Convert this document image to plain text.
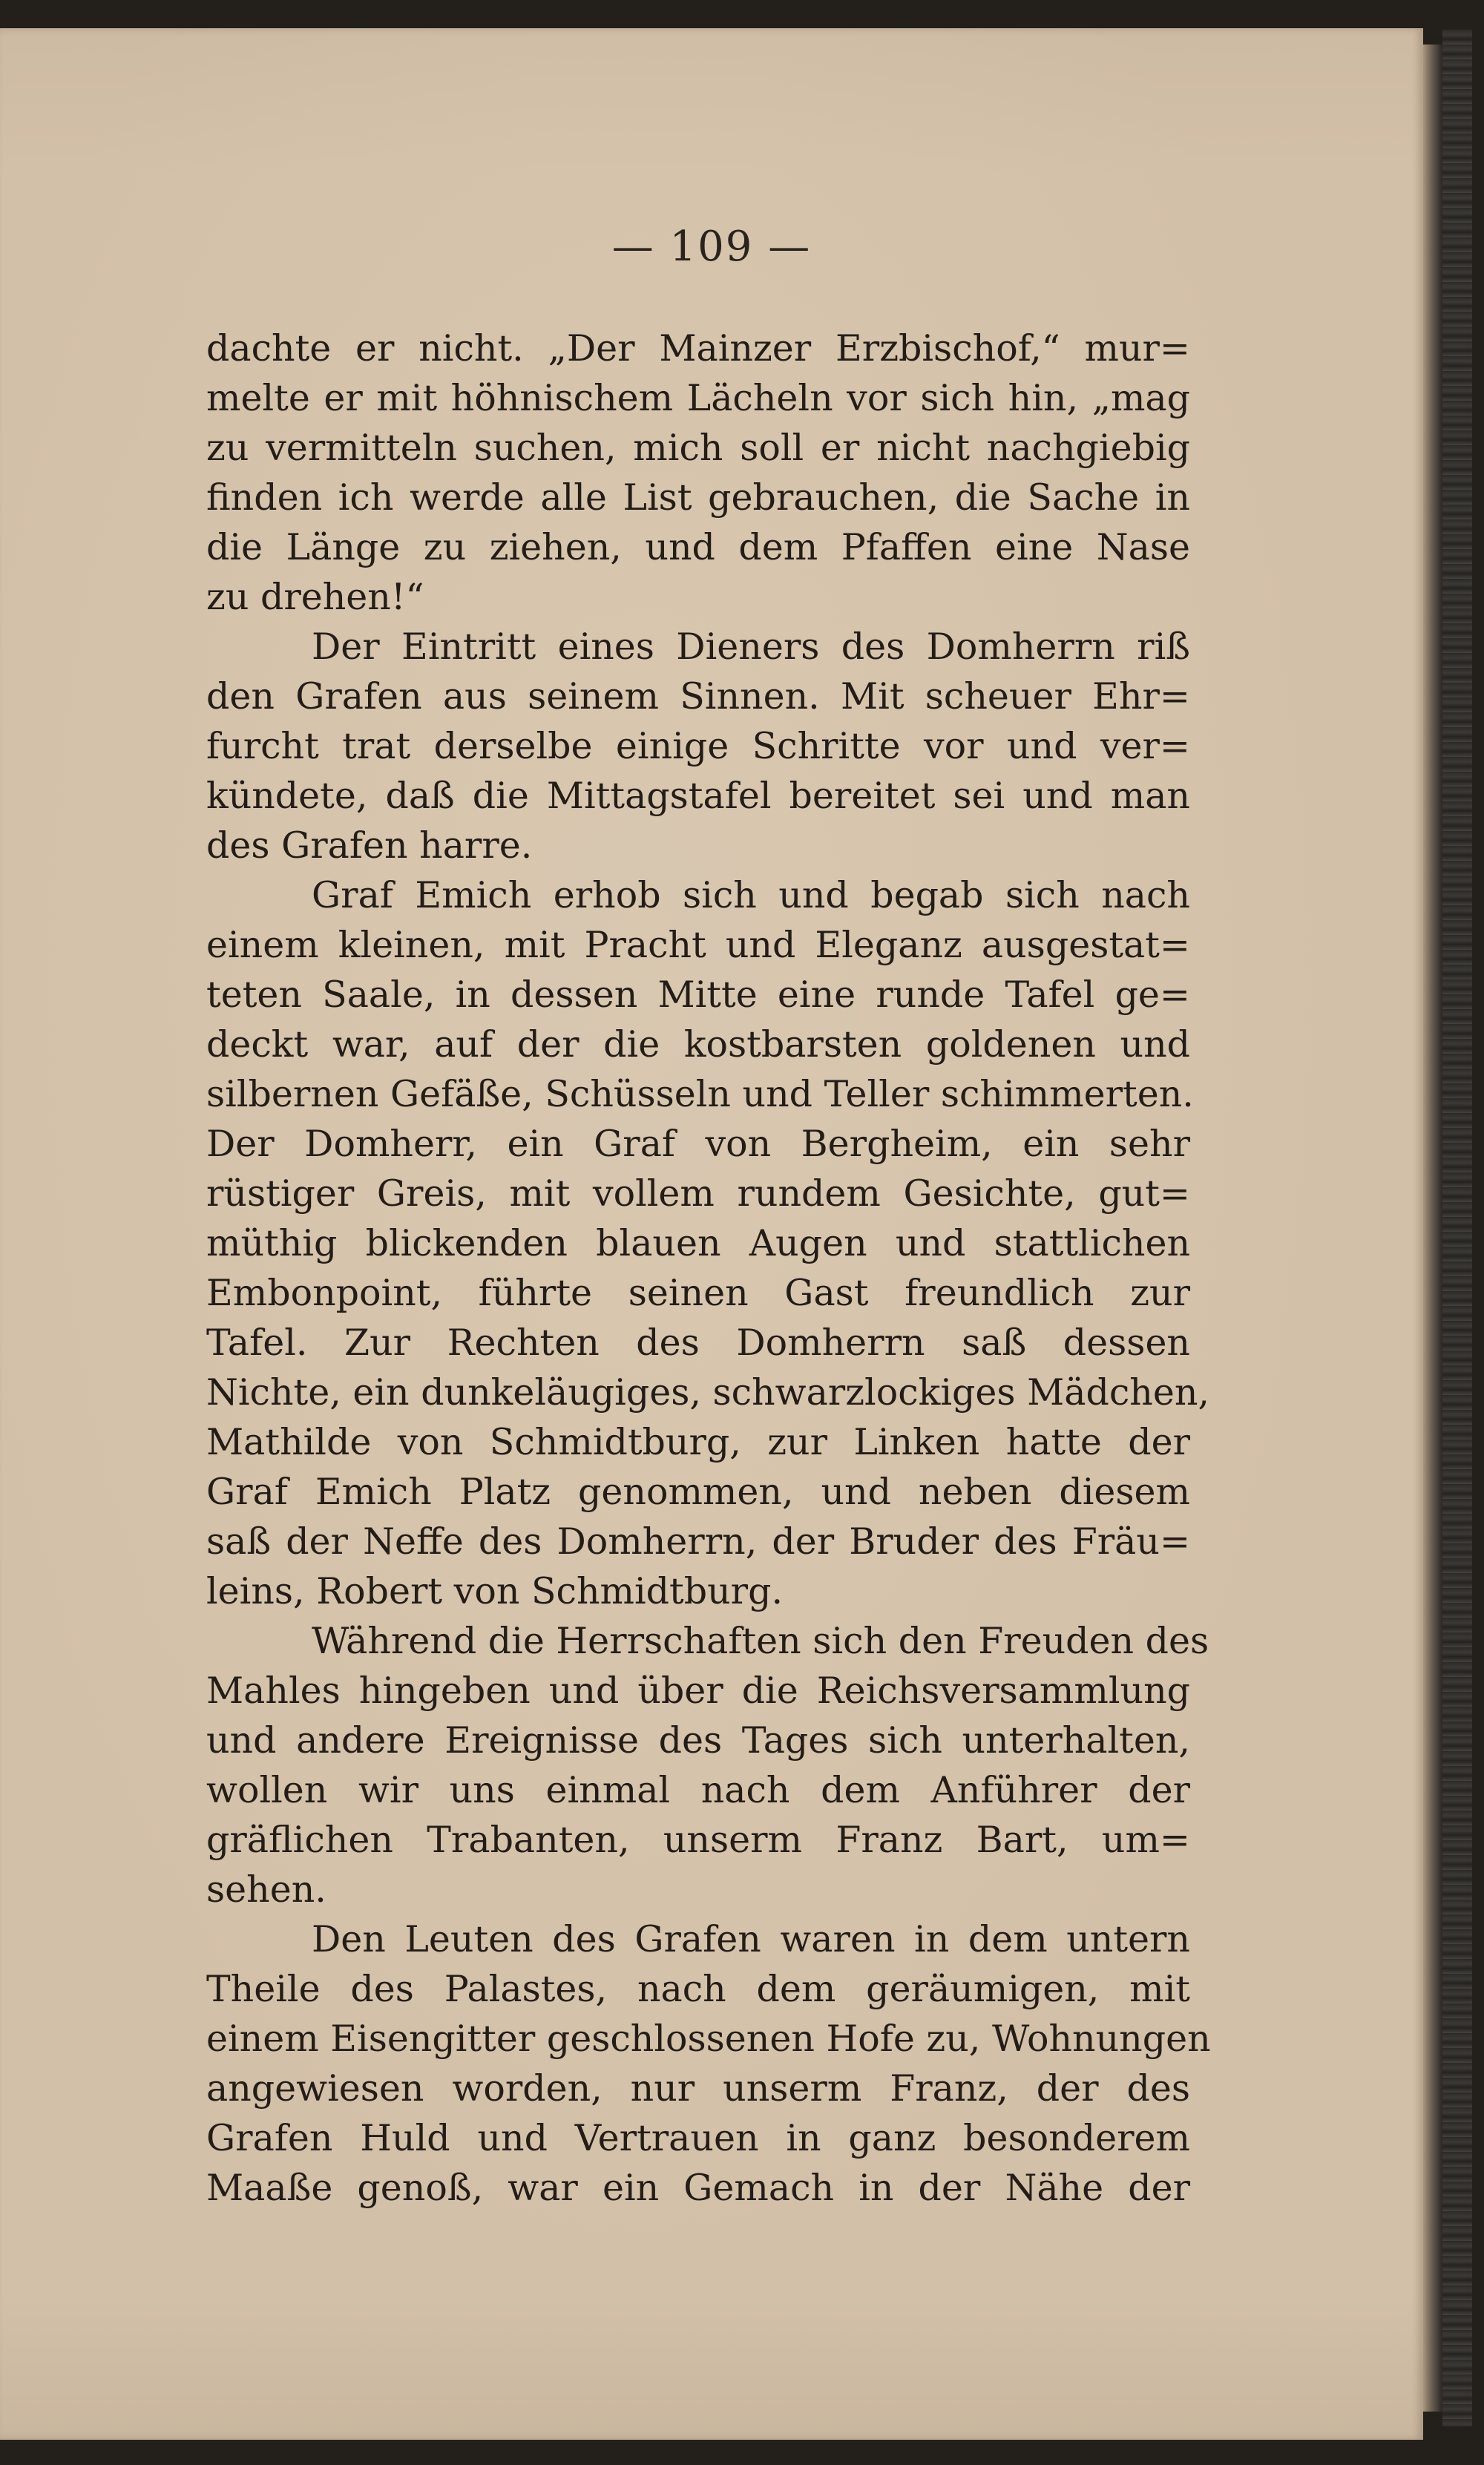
— 109 —
dachte er nicht. „Der Mainzer Erzbischof,“ mur=
melte er mit höhnischem Lächeln vor sich hin, „mag
zu vermitteln suchen, mich soll er nicht nachgiebig
finden ich werde alle List gebrauchen, die Sache in
die Länge zu ziehen, und dem Pfaffen eine Nase
zu drehen!“
Der Eintritt eines Dieners des Domherrn riß
den Grafen aus seinem Sinnen. Mit scheuer Ehr=
furcht trat derselbe einige Schritte vor und ver=
kündete, daß die Mittagstafel bereitet sei und man
des Grafen harre.
Graf Emich erhob sich und begab sich nach
einem kleinen, mit Pracht und Eleganz ausgestat=
teten Saale, in dessen Mitte eine runde Tafel ge=
deckt war, auf der die kostbarsten goldenen und
silbernen Gefäße, Schüsseln und Teller schimmerten.
Der Domherr, ein Graf von Bergheim, ein sehr
rüstiger Greis, mit vollem rundem Gesichte, gut=
müthig blickenden blauen Augen und stattlichen
Embonpoint, führte seinen Gast freundlich zur
Tafel. Zur Rechten des Domherrn saß dessen
Nichte, ein dunkeläugiges, schwarzlockiges Mädchen,
Mathilde von Schmidtburg, zur Linken hatte der
Graf Emich Platz genommen, und neben diesem
saß der Neffe des Domherrn, der Bruder des Fräu=
leins, Robert von Schmidtburg.
Während die Herrschaften sich den Freuden des
Mahles hingeben und über die Reichsversammlung
und andere Ereignisse des Tages sich unterhalten,
wollen wir uns einmal nach dem Anführer der
gräflichen Trabanten, unserm Franz Bart, um=
sehen.
Den Leuten des Grafen waren in dem untern
Theile des Palastes, nach dem geräumigen, mit
einem Eisengitter geschlossenen Hofe zu, Wohnungen
angewiesen worden, nur unserm Franz, der des
Grafen Huld und Vertrauen in ganz besonderem
Maaße genoß, war ein Gemach in der Nähe der
